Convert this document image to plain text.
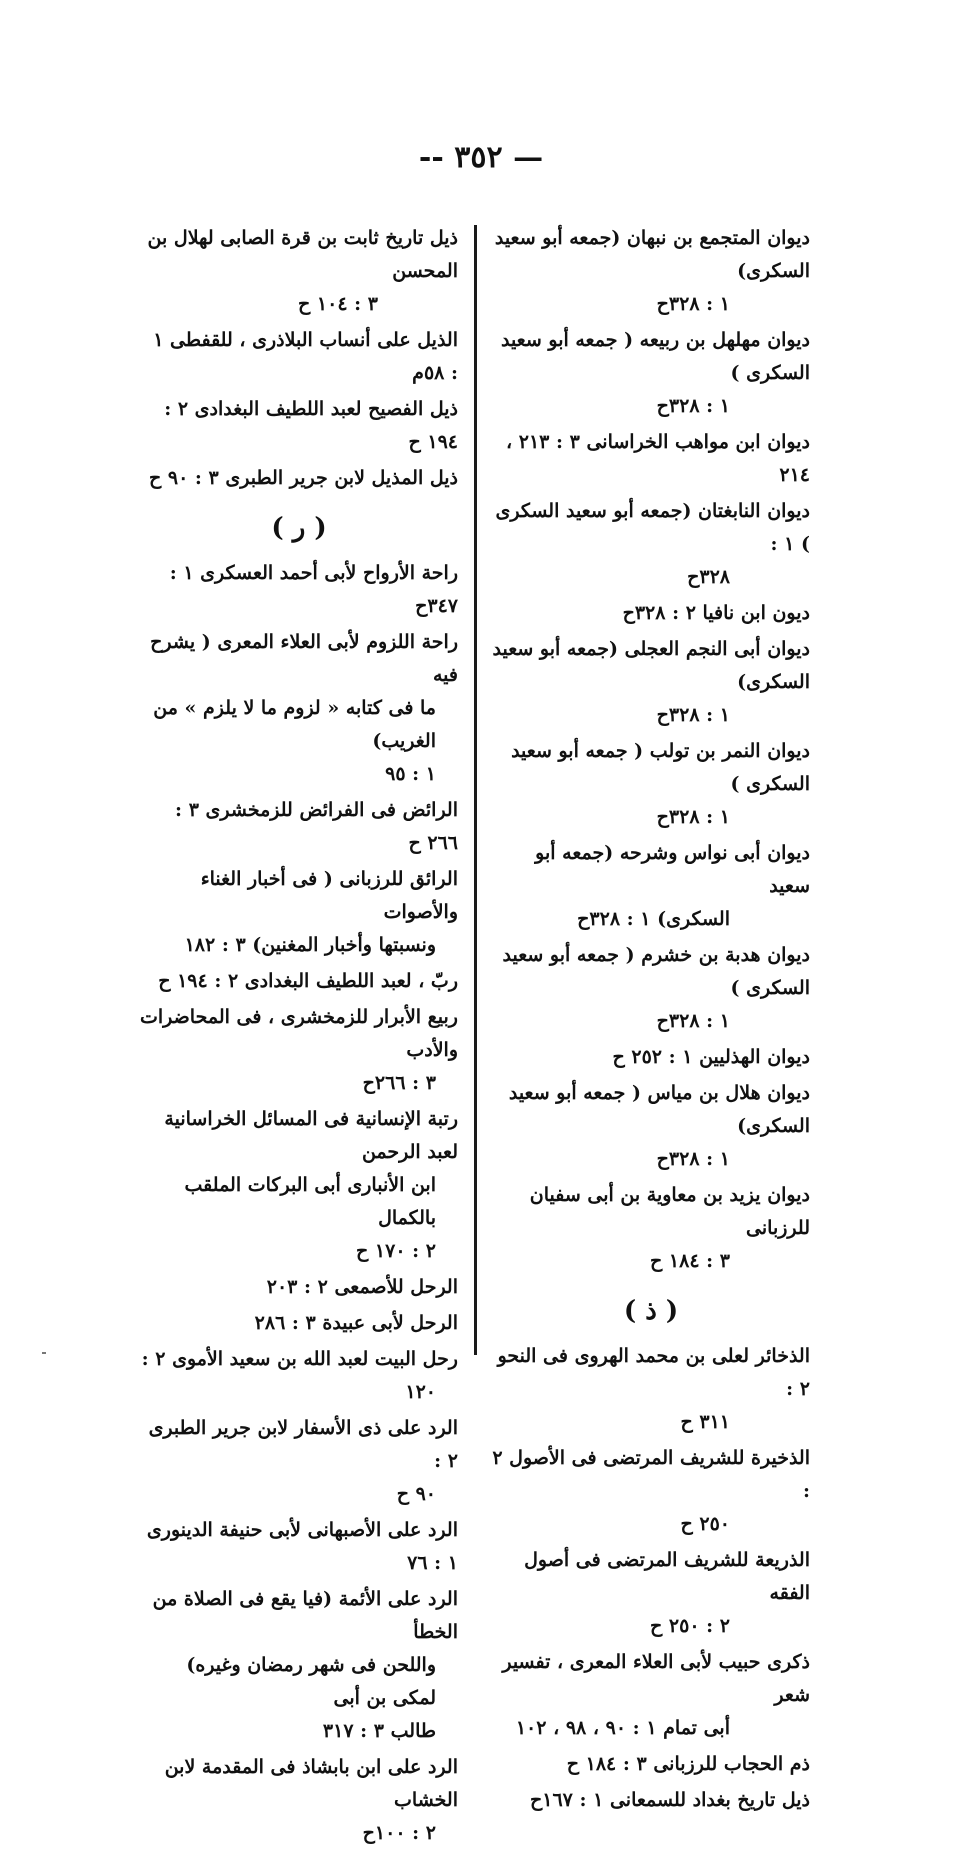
-- ٣٥٢ —
ديوان المتجمع بن نبهان (جمعه أبو سعيد السكرى)
١ : ٣٢٨ح
ديوان مهلهل بن ربيعه ( جمعه أبو سعيد السكرى )
١ : ٣٢٨ح
ديوان ابن مواهب الخراسانى ٣ : ٢١٣ ، ٢١٤
ديوان النابغتان (جمعه أبو سعيد السكرى ) ١ :
٣٢٨ح
ديون ابن نافيا ٢ : ٣٢٨ح
ديوان أبى النجم العجلى (جمعه أبو سعيد السكرى)
١ : ٣٢٨ح
ديوان النمر بن تولب ( جمعه أبو سعيد السكرى )
١ : ٣٢٨ح
ديوان أبى نواس وشرحه (جمعه أبو سعيد
السكرى) ١ : ٣٢٨ح
ديوان هدبة بن خشرم ( جمعه أبو سعيد السكرى )
١ : ٣٢٨ح
ديوان الهذليين ١ : ٢٥٢ ح
ديوان هلال بن مياس ( جمعه أبو سعيد السكرى)
١ : ٣٢٨ح
ديوان يزيد بن معاوية بن أبى سفيان للرزبانى
٣ : ١٨٤ ح
( ذ )
الذخائر لعلى بن محمد الهروى فى النحو ٢ :
٣١١ ح
الذخيرة للشريف المرتضى فى الأصول ٢ :
٢٥٠ ح
الذريعة للشريف المرتضى فى أصول الفقه
٢ : ٢٥٠ ح
ذكرى حبيب لأبى العلاء المعرى ، تفسير شعر
أبى تمام ١ : ٩٠ ، ٩٨ ، ١٠٢
ذم الحجاب للرزبانى ٣ : ١٨٤ ح
ذيل تاريخ بغداد للسمعانى ١ : ١٦٧ح
ذيل تاريخ ثابت بن قرة الصابى لهلال بن المحسن
٣ : ١٠٤ ح
الذيل على أنساب البلاذرى ، للقفطى ١ : ٥٨م
ذيل الفصيح لعبد اللطيف البغدادى ٢ : ١٩٤ ح
ذيل المذيل لابن جرير الطبرى ٣ : ٩٠ ح
( ر )
راحة الأرواح لأبى أحمد العسكرى ١ : ٣٤٧ح
راحة اللزوم لأبى العلاء المعرى ( يشرح فيه
ما فى كتابه « لزوم ما لا يلزم » من الغريب)
١ : ٩٥
الرائض فى الفرائض للزمخشرى ٣ : ٢٦٦ ح
الرائق للرزبانى ( فى أخبار الغناء والأصوات
ونسبتها وأخبار المغنين) ٣ : ١٨٢
ربّ ، لعبد اللطيف البغدادى ٢ : ١٩٤ ح
ربيع الأبرار للزمخشرى ، فى المحاضرات والأدب
٣ : ٢٦٦ح
رتبة الإنسانية فى المسائل الخراسانية لعبد الرحمن
ابن الأنبارى أبى البركات الملقب بالكمال
٢ : ١٧٠ ح
الرحل للأصمعى ٢ : ٢٠٣
الرحل لأبى عبيدة ٣ : ٢٨٦
رحل البيت لعبد الله بن سعيد الأموى ٢ :
١٢٠
الرد على ذى الأسفار لابن جرير الطبرى ٢ :
٩٠ ح
الرد على الأصبهانى لأبى حنيفة الدينورى ١ : ٧٦
الرد على الأئمة (فيا يقع فى الصلاة من الخطأ
واللحن فى شهر رمضان وغيره) لمكى بن أبى
طالب ٣ : ٣١٧
الرد على ابن بابشاذ فى المقدمة لابن الخشاب
٢ : ١٠٠ح
